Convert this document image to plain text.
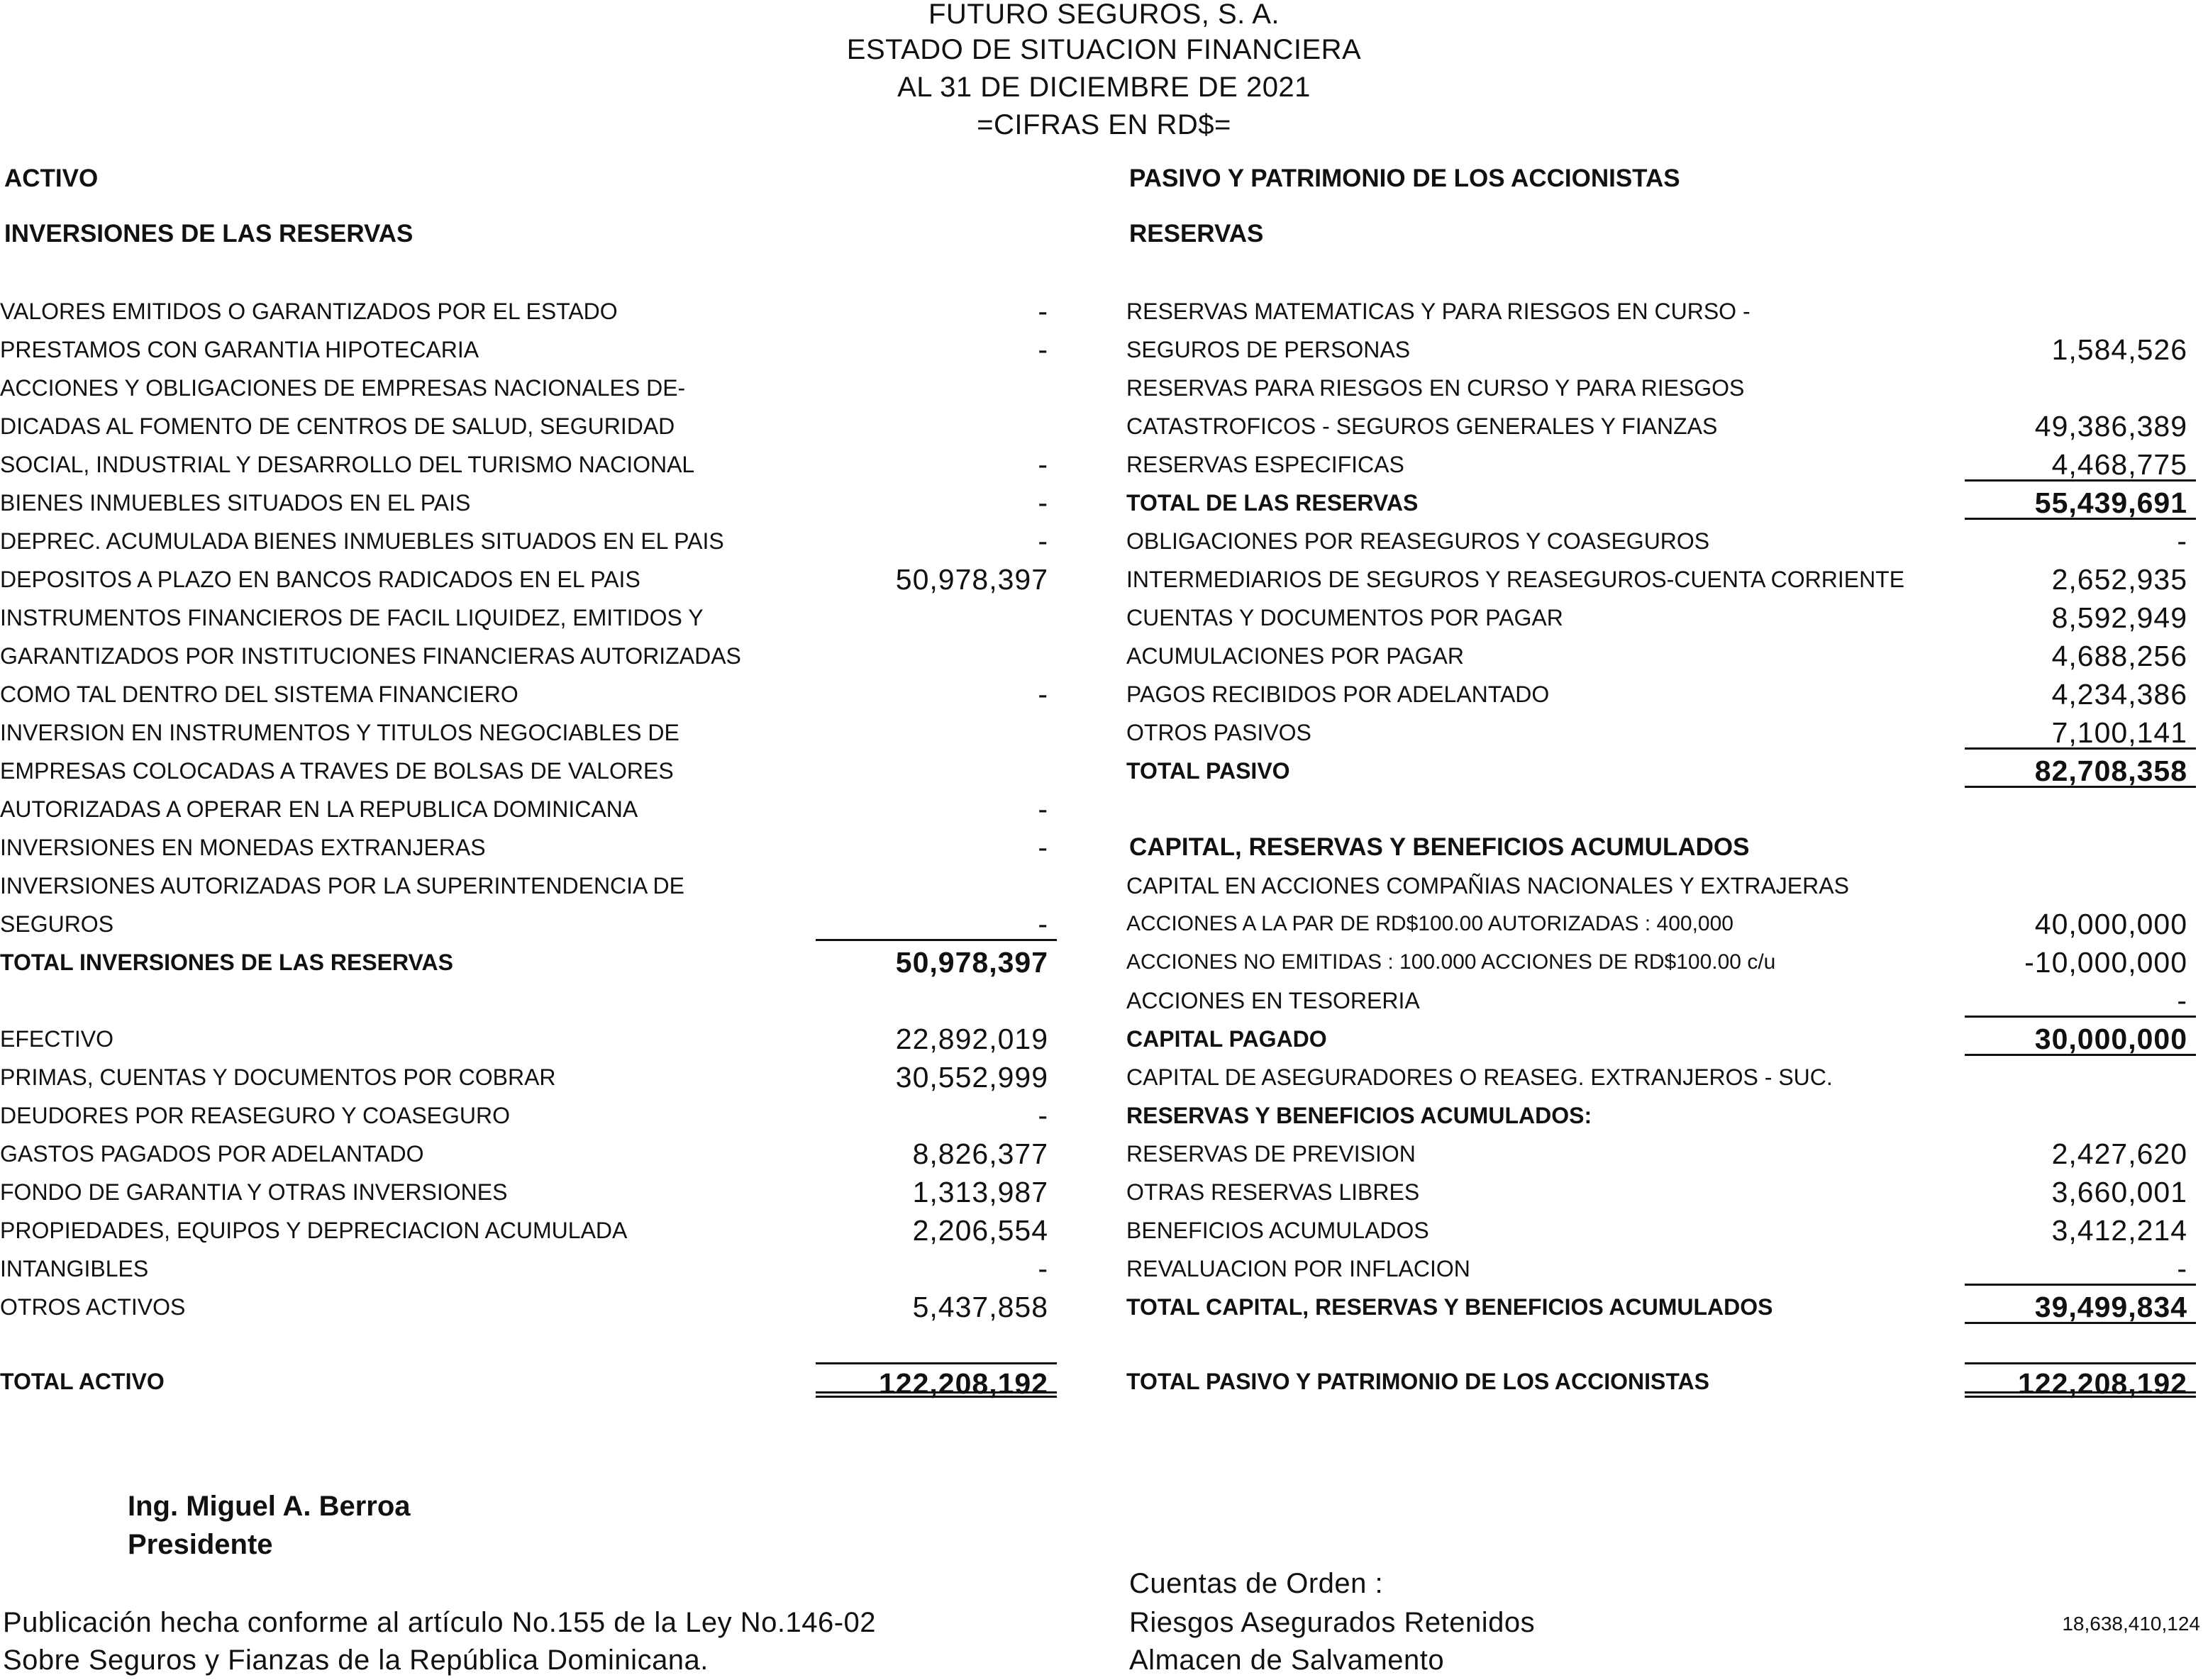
FUTURO SEGUROS, S. A.
ESTADO DE SITUACION FINANCIERA
AL 31 DE DICIEMBRE DE 2021
=CIFRAS EN RD$=
ACTIVO
INVERSIONES DE LAS RESERVAS
PASIVO Y PATRIMONIO DE LOS ACCIONISTAS
RESERVAS
VALORES EMITIDOS O GARANTIZADOS POR EL ESTADO	-
PRESTAMOS CON GARANTIA HIPOTECARIA	-
ACCIONES Y OBLIGACIONES DE EMPRESAS NACIONALES DE-
DICADAS AL FOMENTO DE CENTROS DE SALUD, SEGURIDAD
SOCIAL, INDUSTRIAL Y DESARROLLO DEL TURISMO NACIONAL	-
BIENES INMUEBLES SITUADOS EN EL PAIS	-
DEPREC. ACUMULADA BIENES INMUEBLES SITUADOS EN EL PAIS	-
DEPOSITOS A PLAZO EN BANCOS RADICADOS EN EL PAIS	50,978,397
INSTRUMENTOS FINANCIEROS DE FACIL LIQUIDEZ, EMITIDOS Y
GARANTIZADOS POR INSTITUCIONES FINANCIERAS AUTORIZADAS
COMO TAL DENTRO DEL SISTEMA FINANCIERO	-
INVERSION EN INSTRUMENTOS Y TITULOS NEGOCIABLES DE
EMPRESAS COLOCADAS A TRAVES DE BOLSAS DE VALORES
AUTORIZADAS A OPERAR EN LA REPUBLICA DOMINICANA	-
INVERSIONES EN MONEDAS EXTRANJERAS	-
INVERSIONES AUTORIZADAS POR LA SUPERINTENDENCIA DE
SEGUROS	-
TOTAL INVERSIONES DE LAS RESERVAS	50,978,397
EFECTIVO	22,892,019
PRIMAS, CUENTAS Y DOCUMENTOS POR COBRAR	30,552,999
DEUDORES POR REASEGURO Y COASEGURO	-
GASTOS PAGADOS POR ADELANTADO	8,826,377
FONDO DE GARANTIA Y OTRAS INVERSIONES	1,313,987
PROPIEDADES, EQUIPOS Y DEPRECIACION ACUMULADA	2,206,554
INTANGIBLES	-
OTROS ACTIVOS	5,437,858
TOTAL ACTIVO	122,208,192
RESERVAS MATEMATICAS Y PARA RIESGOS EN CURSO -
SEGUROS DE PERSONAS	1,584,526
RESERVAS PARA RIESGOS EN CURSO Y PARA RIESGOS
CATASTROFICOS - SEGUROS GENERALES Y FIANZAS	49,386,389
RESERVAS ESPECIFICAS	4,468,775
TOTAL DE LAS RESERVAS	55,439,691
OBLIGACIONES POR REASEGUROS Y COASEGUROS	-
INTERMEDIARIOS DE SEGUROS Y REASEGUROS-CUENTA CORRIENTE	2,652,935
CUENTAS Y DOCUMENTOS POR PAGAR	8,592,949
ACUMULACIONES POR PAGAR	4,688,256
PAGOS RECIBIDOS POR ADELANTADO	4,234,386
OTROS PASIVOS	7,100,141
TOTAL PASIVO	82,708,358
CAPITAL, RESERVAS Y BENEFICIOS ACUMULADOS
CAPITAL EN ACCIONES COMPAÑIAS NACIONALES Y EXTRAJERAS
ACCIONES A LA PAR DE RD$100.00 AUTORIZADAS : 400,000	40,000,000
ACCIONES NO EMITIDAS : 100.000 ACCIONES DE RD$100.00 c/u	-10,000,000
ACCIONES EN TESORERIA	-
CAPITAL PAGADO	30,000,000
CAPITAL DE ASEGURADORES O REASEG. EXTRANJEROS - SUC.
RESERVAS Y BENEFICIOS ACUMULADOS:
RESERVAS DE PREVISION	2,427,620
OTRAS RESERVAS LIBRES	3,660,001
BENEFICIOS ACUMULADOS	3,412,214
REVALUACION POR INFLACION	-
TOTAL CAPITAL, RESERVAS Y BENEFICIOS ACUMULADOS	39,499,834
TOTAL PASIVO Y PATRIMONIO DE LOS ACCIONISTAS	122,208,192
Ing. Miguel A. Berroa
Presidente
Publicación hecha conforme al artículo No.155 de la Ley No.146-02
Sobre Seguros y Fianzas de la República Dominicana.
Cuentas de Orden :
Riesgos Asegurados Retenidos	18,638,410,124
Almacen de Salvamento
